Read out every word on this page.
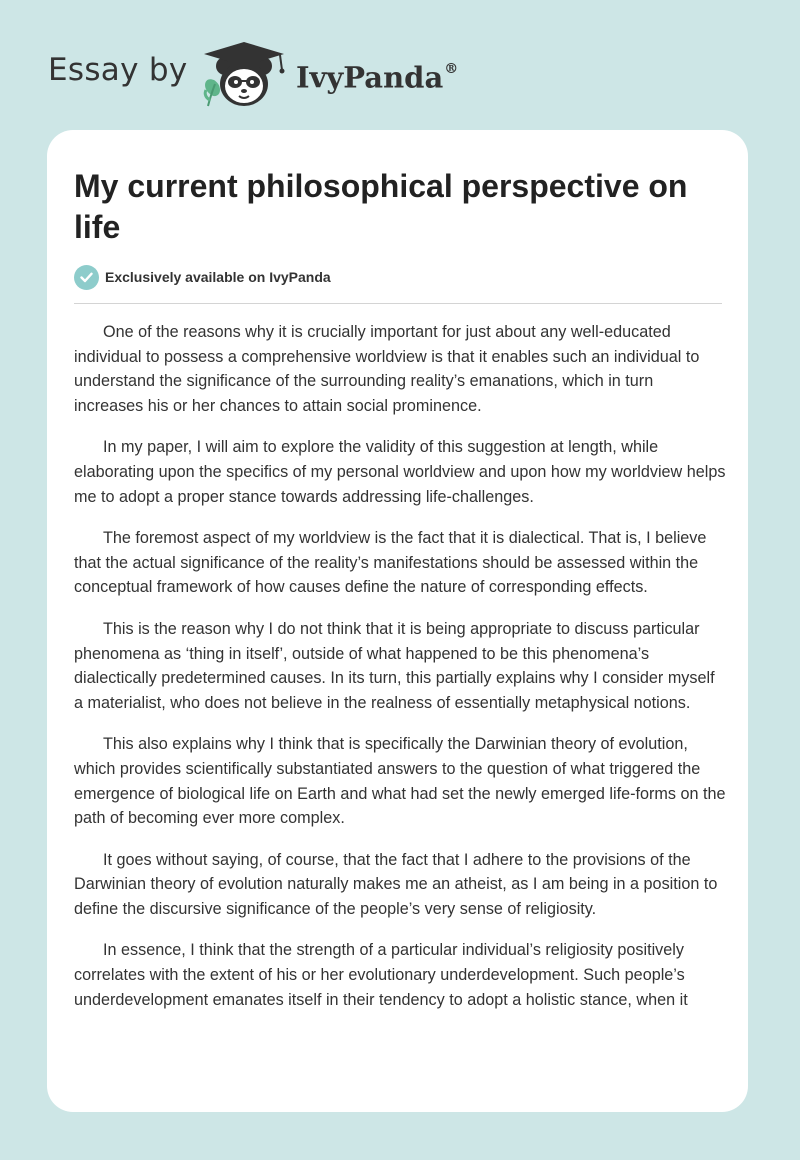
Essay by	IvyPanda®
My current philosophical perspective on life
Exclusively available on IvyPanda

One of the reasons why it is crucially important for just about any well-educated individual to possess a comprehensive worldview is that it enables such an individual to understand the significance of the surrounding reality’s emanations, which in turn increases his or her chances to attain social prominence.

In my paper, I will aim to explore the validity of this suggestion at length, while elaborating upon the specifics of my personal worldview and upon how my worldview helps me to adopt a proper stance towards addressing life-challenges.

The foremost aspect of my worldview is the fact that it is dialectical. That is, I believe that the actual significance of the reality’s manifestations should be assessed within the conceptual framework of how causes define the nature of corresponding effects.

This is the reason why I do not think that it is being appropriate to discuss particular phenomena as ‘thing in itself’, outside of what happened to be this phenomena’s dialectically predetermined causes. In its turn, this partially explains why I consider myself a materialist, who does not believe in the realness of essentially metaphysical notions.

This also explains why I think that is specifically the Darwinian theory of evolution, which provides scientifically substantiated answers to the question of what triggered the emergence of biological life on Earth and what had set the newly emerged life-forms on the path of becoming ever more complex.

It goes without saying, of course, that the fact that I adhere to the provisions of the Darwinian theory of evolution naturally makes me an atheist, as I am being in a position to define the discursive significance of the people’s very sense of religiosity.

In essence, I think that the strength of a particular individual’s religiosity positively correlates with the extent of his or her evolutionary underdevelopment. Such people’s underdevelopment emanates itself in their tendency to adopt a holistic stance, when it
